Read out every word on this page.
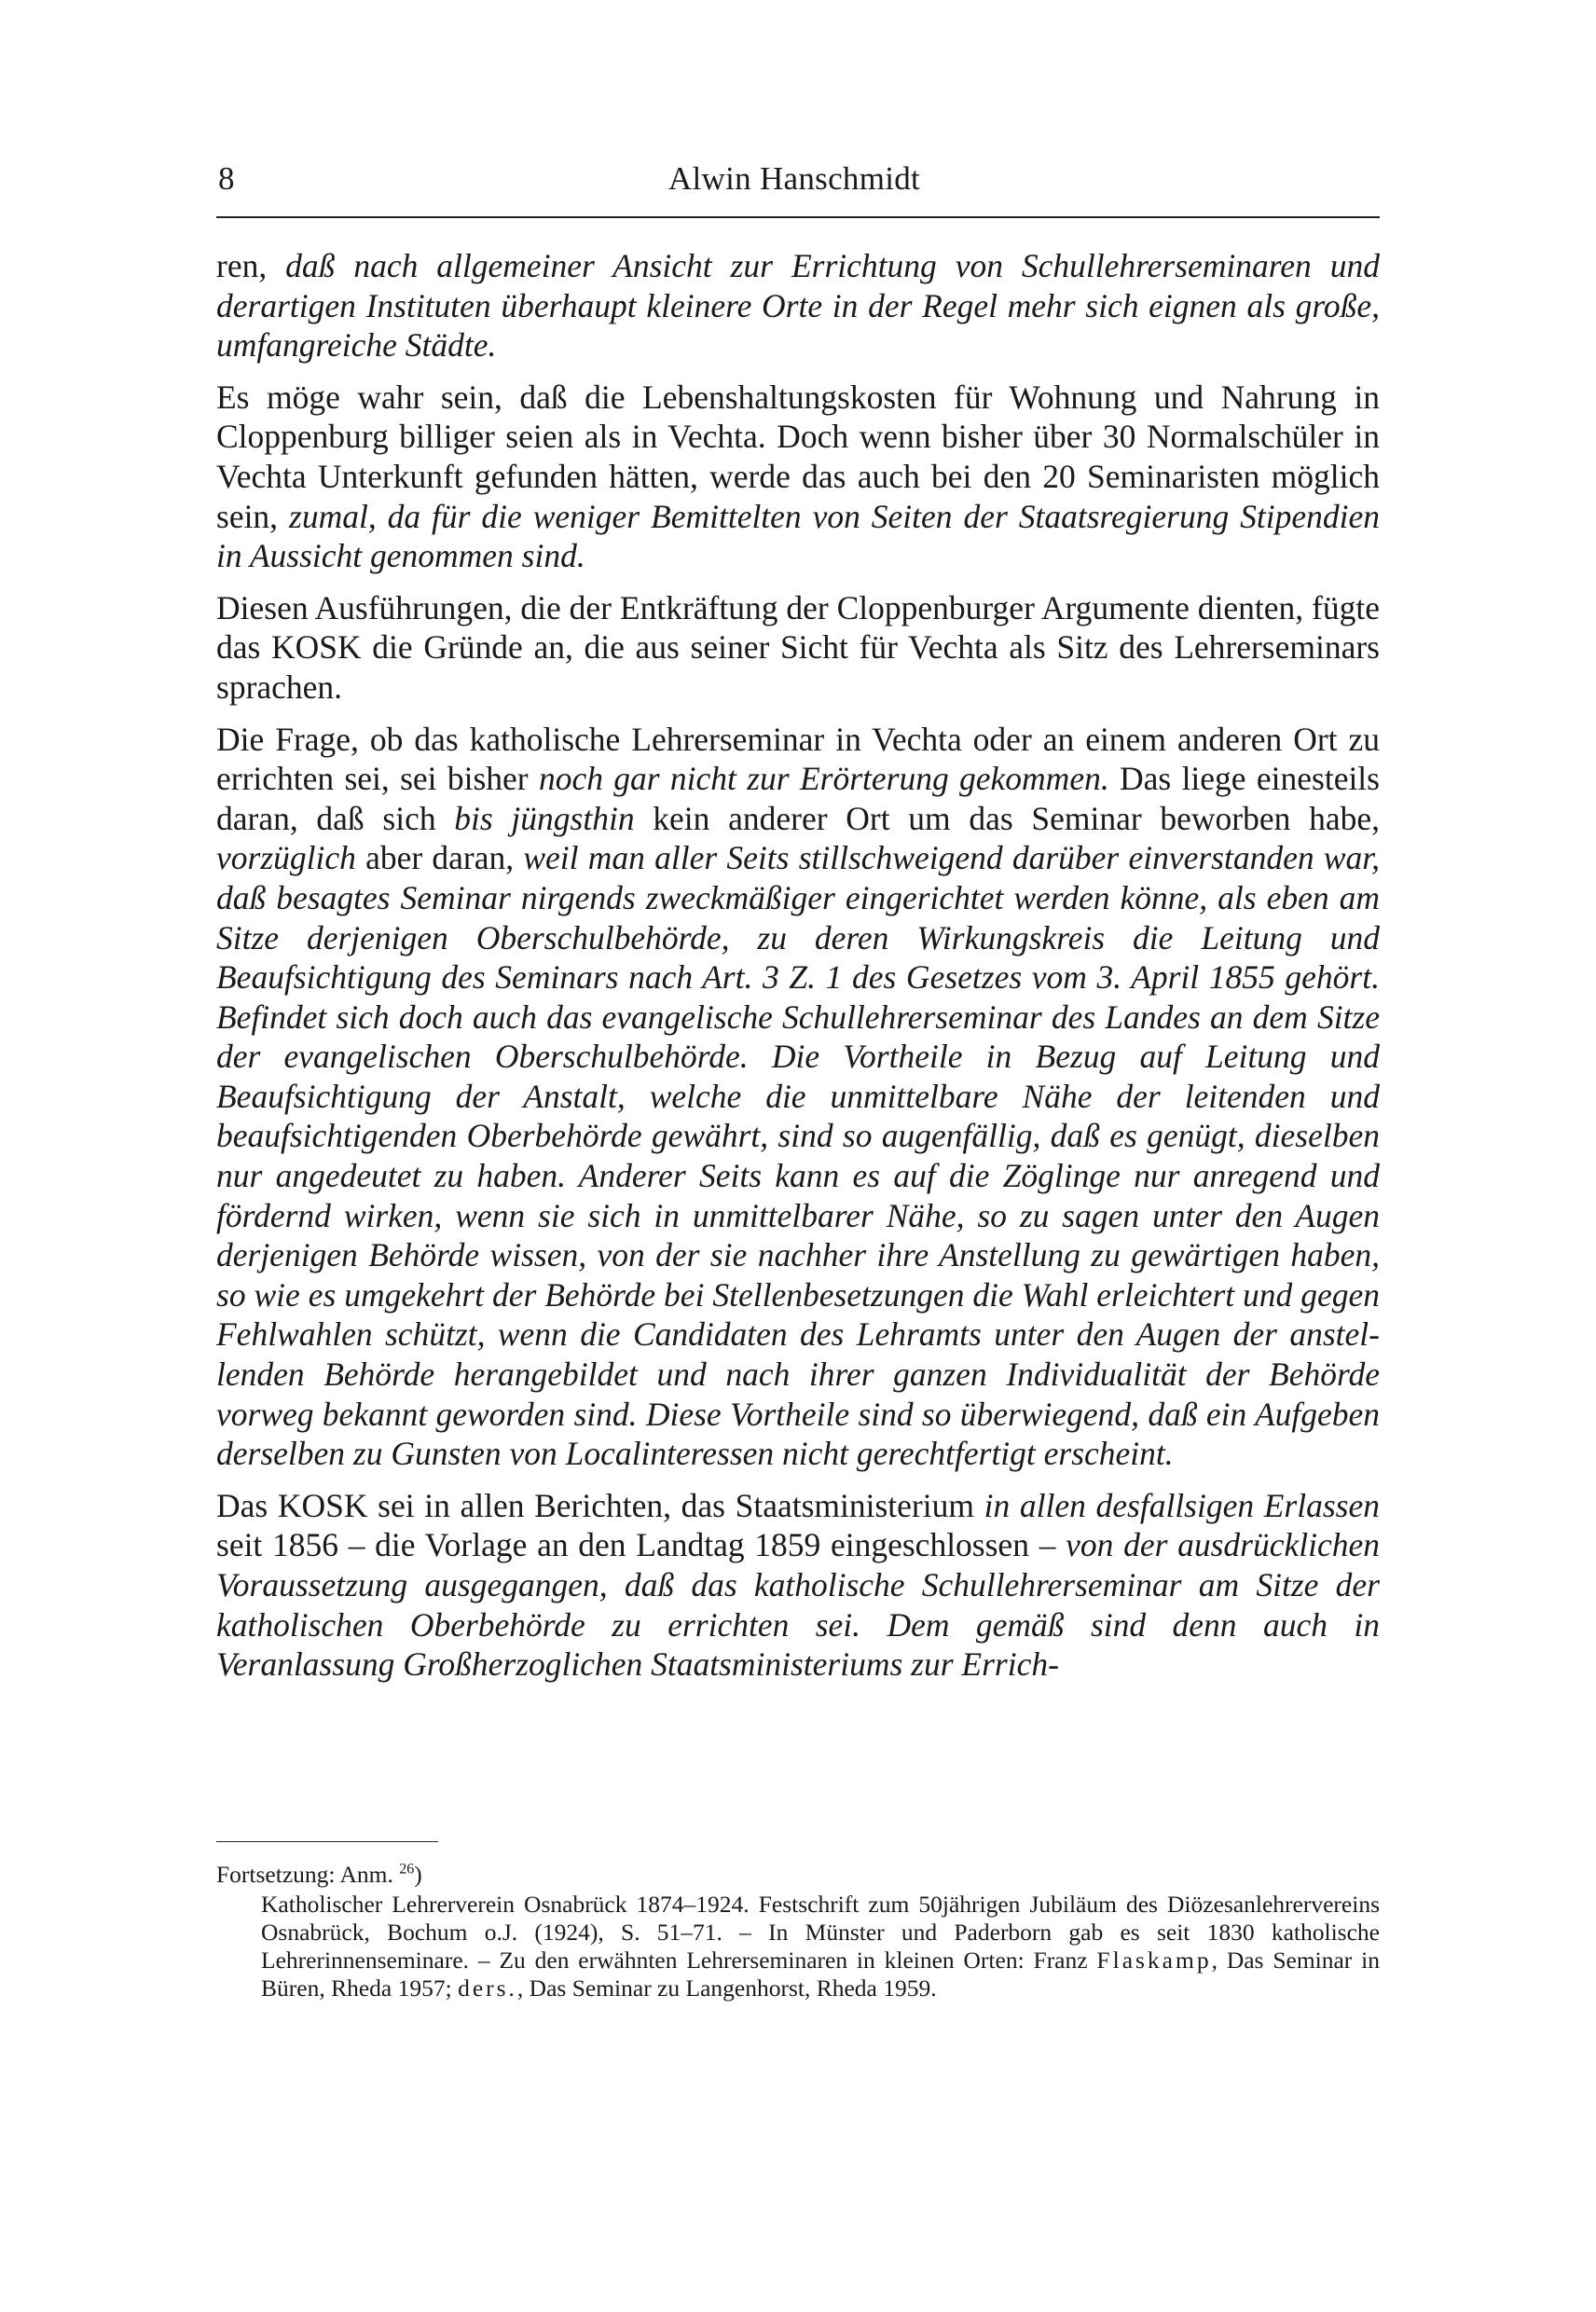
8	Alwin Hanschmidt

ren, daß nach allgemeiner Ansicht zur Errichtung von Schullehrerseminaren und derartigen Instituten überhaupt kleinere Orte in der Regel mehr sich eignen als große, umfangreiche Städte.

Es möge wahr sein, daß die Lebenshaltungskosten für Wohnung und Nahrung in Cloppenburg billiger seien als in Vechta. Doch wenn bisher über 30 Normalschüler in Vechta Unterkunft gefunden hätten, werde das auch bei den 20 Seminaristen möglich sein, zumal, da für die weniger Bemittelten von Seiten der Staatsregierung Stipendien in Aussicht genommen sind.

Diesen Ausführungen, die der Entkräftung der Cloppenburger Argumente dienten, fügte das KOSK die Gründe an, die aus seiner Sicht für Vechta als Sitz des Lehrerseminars sprachen.

Die Frage, ob das katholische Lehrerseminar in Vechta oder an einem anderen Ort zu errichten sei, sei bisher noch gar nicht zur Erörterung gekommen. Das liege einesteils daran, daß sich bis jüngsthin kein anderer Ort um das Seminar beworben habe, vorzüglich aber daran, weil man aller Seits stillschweigend darüber einverstanden war, daß besagtes Seminar nirgends zweckmäßiger eingerichtet werden könne, als eben am Sitze derjenigen Oberschulbehörde, zu deren Wirkungskreis die Leitung und Beaufsichtigung des Seminars nach Art. 3 Z. 1 des Gesetzes vom 3. April 1855 gehört. Befindet sich doch auch das evangelische Schullehrerseminar des Landes an dem Sitze der evangelischen Oberschulbehörde. Die Vortheile in Bezug auf Leitung und Beaufsichtigung der Anstalt, welche die unmittelbare Nähe der leitenden und beaufsichtigenden Oberbehörde gewährt, sind so augenfällig, daß es genügt, dieselben nur angedeutet zu haben. Anderer Seits kann es auf die Zöglinge nur anregend und fördernd wirken, wenn sie sich in unmittelbarer Nähe, so zu sagen unter den Augen derjenigen Behörde wissen, von der sie nachher ihre Anstellung zu gewärtigen haben, so wie es umgekehrt der Behörde bei Stellenbesetzungen die Wahl erleichtert und gegen Fehlwahlen schützt, wenn die Candidaten des Lehramts unter den Augen der anstellenden Behörde herangebildet und nach ihrer ganzen Individualität der Behörde vorweg bekannt geworden sind. Diese Vortheile sind so überwiegend, daß ein Aufgeben derselben zu Gunsten von Localinteressen nicht gerechtfertigt erscheint.

Das KOSK sei in allen Berichten, das Staatsministerium in allen desfallsigen Erlassen seit 1856 – die Vorlage an den Landtag 1859 eingeschlossen – von der ausdrücklichen Voraussetzung ausgegangen, daß das katholische Schullehrerseminar am Sitze der katholischen Oberbehörde zu errichten sei. Dem gemäß sind denn auch in Veranlassung Großherzoglichen Staatsministeriums zur Errich-

Fortsetzung: Anm. $^{26}$)

Katholischer Lehrerverein Osnabrück 1874–1924. Festschrift zum 50jährigen Jubiläum des Diözesanlehrervereins Osnabrück, Bochum o.J. (1924), S. 51–71. – In Münster und Paderborn gab es seit 1830 katholische Lehrerinnenseminare. – Zu den erwähnten Lehrerseminaren in kleinen Orten: Franz Flaskamp, Das Seminar in Büren, Rheda 1957; ders., Das Seminar zu Langenhorst, Rheda 1959.
